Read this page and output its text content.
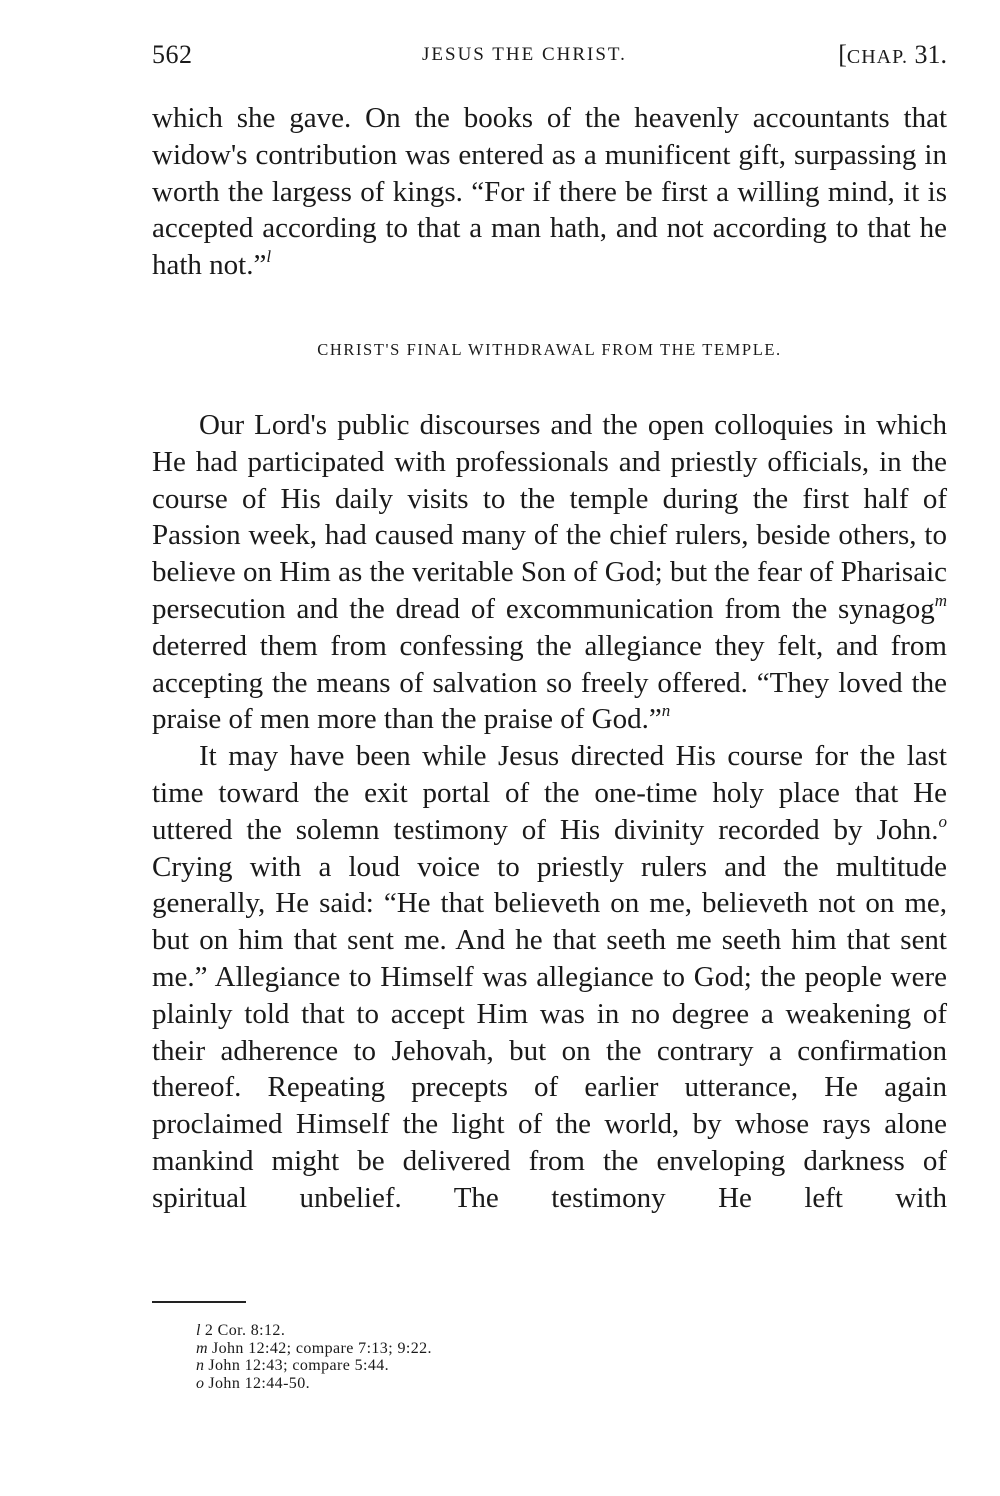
562	JESUS THE CHRIST.	[CHAP. 31.

which she gave. On the books of the heavenly accountants that widow's contribution was entered as a munificent gift, surpassing in worth the largess of kings. “For if there be first a willing mind, it is accepted according to that a man hath, and not according to that he hath not.”$^l$

CHRIST'S FINAL WITHDRAWAL FROM THE TEMPLE.

Our Lord's public discourses and the open colloquies in which He had participated with professionals and priestly officials, in the course of His daily visits to the temple during the first half of Passion week, had caused many of the chief rulers, beside others, to believe on Him as the veritable Son of God; but the fear of Pharisaic persecution and the dread of excommunication from the synagog$^m$ deterred them from confessing the allegiance they felt, and from accepting the means of salvation so freely offered. “They loved the praise of men more than the praise of God.”$^n$

It may have been while Jesus directed His course for the last time toward the exit portal of the one-time holy place that He uttered the solemn testimony of His divinity recorded by John.$^o$ Crying with a loud voice to priestly rulers and the multitude generally, He said: “He that believeth on me, believeth not on me, but on him that sent me. And he that seeth me seeth him that sent me.” Allegiance to Himself was allegiance to God; the people were plainly told that to accept Him was in no degree a weakening of their adherence to Jehovah, but on the contrary a confirmation thereof. Repeating precepts of earlier utterance, He again proclaimed Himself the light of the world, by whose rays alone mankind might be delivered from the enveloping darkness of spiritual unbelief. The testimony He left with

l 2 Cor. 8:12.
m John 12:42; compare 7:13; 9:22.
n John 12:43; compare 5:44.
o John 12:44-50.
